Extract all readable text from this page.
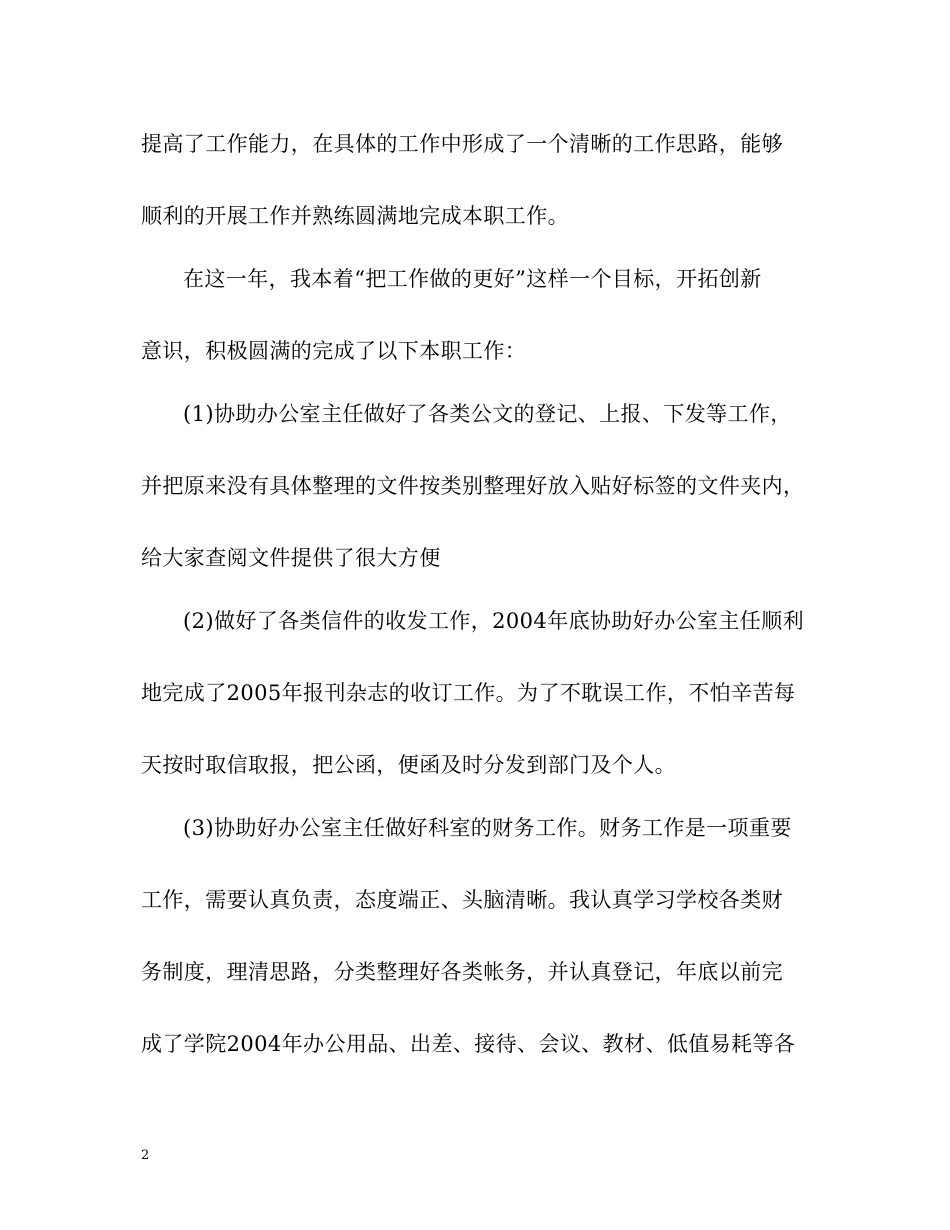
提高了工作能力，在具体的工作中形成了一个清晰的工作思路，能够
顺利的开展工作并熟练圆满地完成本职工作。
在这一年，我本着“把工作做的更好”这样一个目标，开拓创新
意识，积极圆满的完成了以下本职工作：
(1)协助办公室主任做好了各类公文的登记、上报、下发等工作，
并把原来没有具体整理的文件按类别整理好放入贴好标签的文件夹内，
给大家查阅文件提供了很大方便
(2)做好了各类信件的收发工作，2004年底协助好办公室主任顺利
地完成了2005年报刊杂志的收订工作。为了不耽误工作，不怕辛苦每
天按时取信取报，把公函，便函及时分发到部门及个人。
(3)协助好办公室主任做好科室的财务工作。财务工作是一项重要
工作，需要认真负责，态度端正、头脑清晰。我认真学习学校各类财
务制度，理清思路，分类整理好各类帐务，并认真登记，年底以前完
成了学院2004年办公用品、出差、接待、会议、教材、低值易耗等各
2
